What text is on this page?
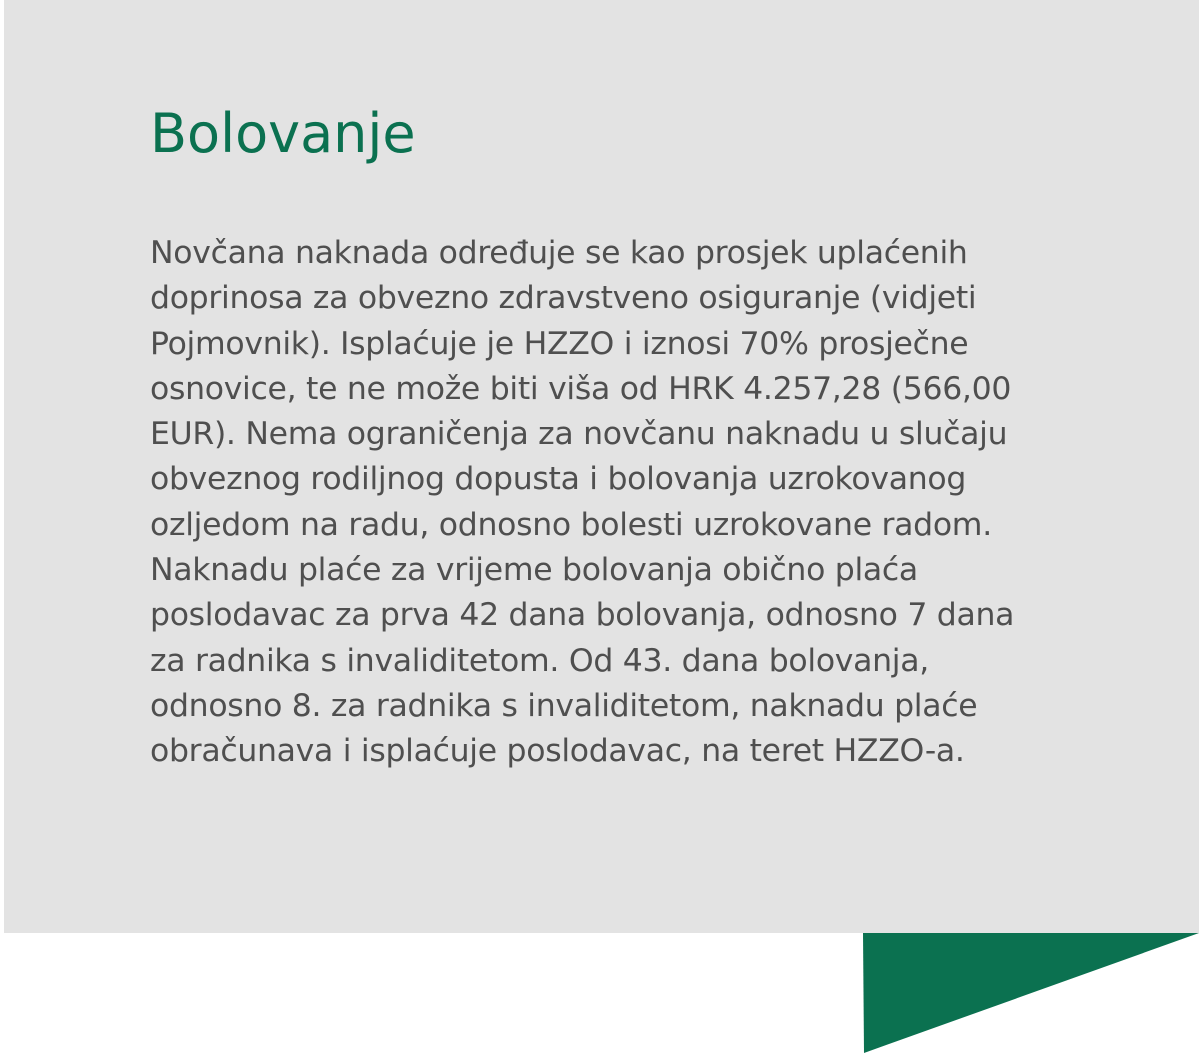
Bolovanje

Novčana naknada određuje se kao prosjek uplaćenih
doprinosa za obvezno zdravstveno osiguranje (vidjeti
Pojmovnik). Isplaćuje je HZZO i iznosi 70% prosječne
osnovice, te ne može biti viša od HRK 4.257,28 (566,00
EUR). Nema ograničenja za novčanu naknadu u slučaju
obveznog rodiljnog dopusta i bolovanja uzrokovanog
ozljedom na radu, odnosno bolesti uzrokovane radom.
Naknadu plaće za vrijeme bolovanja obično plaća
poslodavac za prva 42 dana bolovanja, odnosno 7 dana
za radnika s invaliditetom. Od 43. dana bolovanja,
odnosno 8. za radnika s invaliditetom, naknadu plaće
obračunava i isplaćuje poslodavac, na teret HZZO-a.
